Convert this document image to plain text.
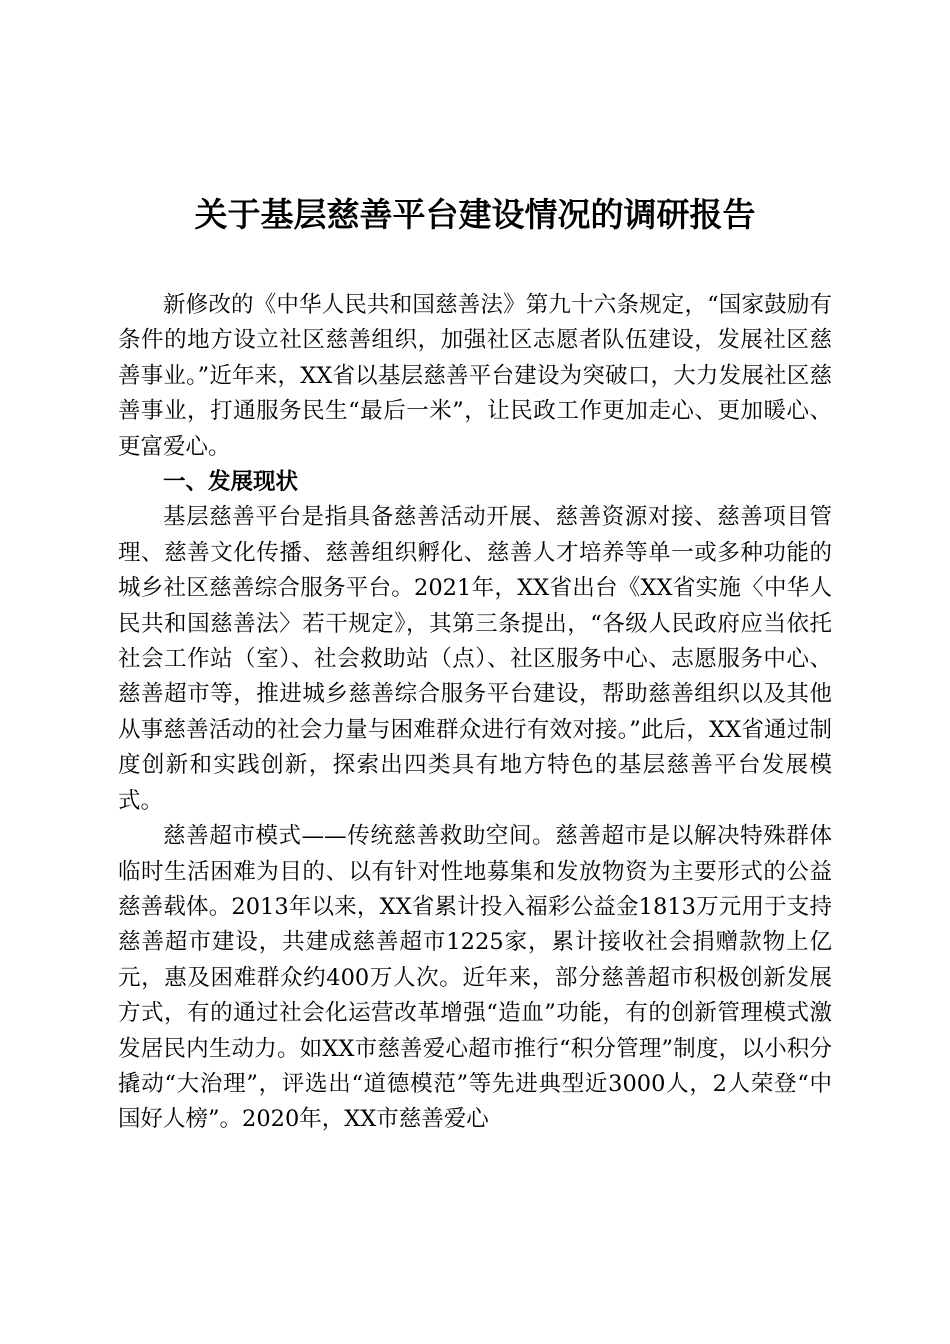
关于基层慈善平台建设情况的调研报告

新修改的《中华人民共和国慈善法》第九十六条规定，“国家鼓励有条件的地方设立社区慈善组织，加强社区志愿者队伍建设，发展社区慈善事业。”近年来，XX省以基层慈善平台建设为突破口，大力发展社区慈善事业，打通服务民生“最后一米”，让民政工作更加走心、更加暖心、更富爱心。

一、发展现状

基层慈善平台是指具备慈善活动开展、慈善资源对接、慈善项目管理、慈善文化传播、慈善组织孵化、慈善人才培养等单一或多种功能的城乡社区慈善综合服务平台。2021年，XX省出台《XX省实施〈中华人民共和国慈善法〉若干规定》，其第三条提出，“各级人民政府应当依托社会工作站（室）、社会救助站（点）、社区服务中心、志愿服务中心、慈善超市等，推进城乡慈善综合服务平台建设，帮助慈善组织以及其他从事慈善活动的社会力量与困难群众进行有效对接。”此后，XX省通过制度创新和实践创新，探索出四类具有地方特色的基层慈善平台发展模式。

慈善超市模式——传统慈善救助空间。慈善超市是以解决特殊群体临时生活困难为目的、以有针对性地募集和发放物资为主要形式的公益慈善载体。2013年以来，XX省累计投入福彩公益金1813万元用于支持慈善超市建设，共建成慈善超市1225家，累计接收社会捐赠款物上亿元，惠及困难群众约400万人次。近年来，部分慈善超市积极创新发展方式，有的通过社会化运营改革增强“造血”功能，有的创新管理模式激发居民内生动力。如XX市慈善爱心超市推行“积分管理”制度，以小积分撬动“大治理”，评选出“道德模范”等先进典型近3000人，2人荣登“中国好人榜”。2020年，XX市慈善爱心
